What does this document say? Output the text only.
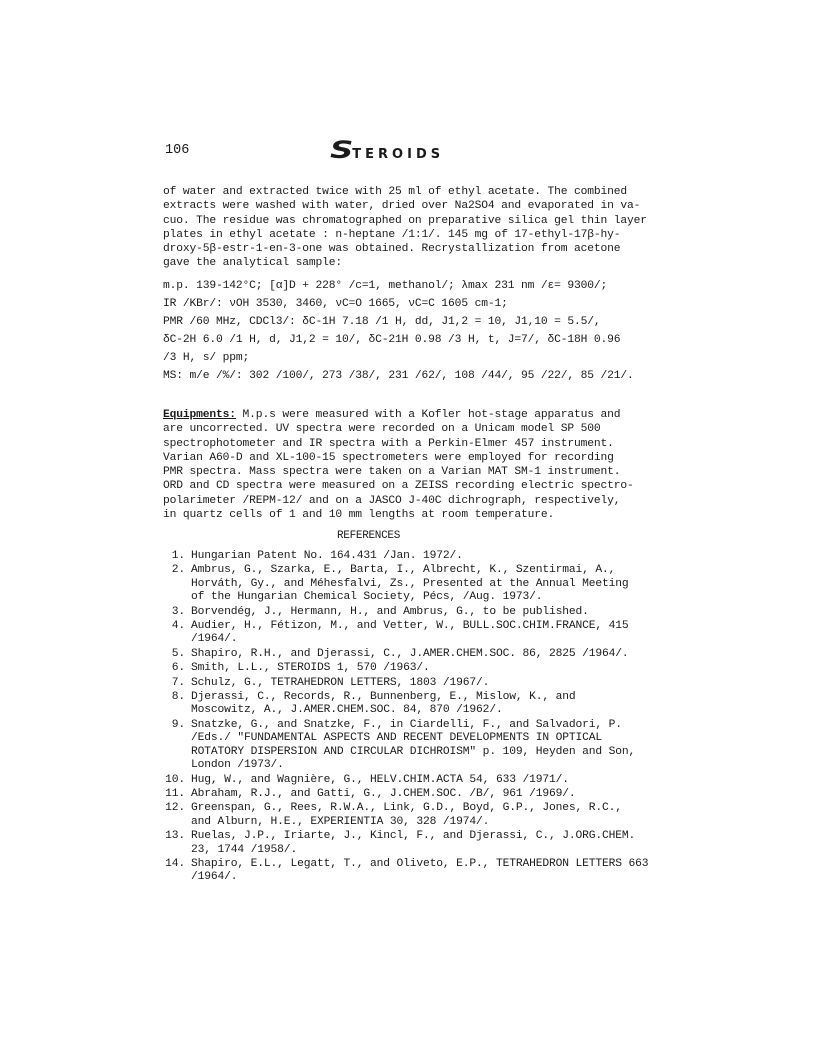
106	S
TEROIDS

of water and extracted twice with 25 ml of ethyl acetate. The combined

extracts were washed with water, dried over Na2SO4 and evaporated in va-

cuo. The residue was chromatographed on preparative silica gel thin layer

plates in ethyl acetate : n-heptane /1:1/. 145 mg of 17-ethyl-17β-hy-

droxy-5β-estr-1-en-3-one was obtained. Recrystallization from acetone

gave the analytical sample:

m.p. 139-142°C; [α]D + 228° /c=1, methanol/; λmax 231 nm /ε= 9300/;

IR /KBr/: νOH 3530, 3460, νC=O 1665, νC=C 1605 cm-1;

PMR /60 MHz, CDCl3/: δC-1H 7.18 /1 H, dd, J1,2 = 10, J1,10 = 5.5/,

δC-2H 6.0 /1 H, d, J1,2 = 10/, δC-21H 0.98 /3 H, t, J=7/, δC-18H 0.96

/3 H, s/ ppm;

MS: m/e /%/: 302 /100/, 273 /38/, 231 /62/, 108 /44/, 95 /22/, 85 /21/.

Equipments: M.p.s were measured with a Kofler hot-stage apparatus and

are uncorrected. UV spectra were recorded on a Unicam model SP 500

spectrophotometer and IR spectra with a Perkin-Elmer 457 instrument.

Varian A60-D and XL-100-15 spectrometers were employed for recording

PMR spectra. Mass spectra were taken on a Varian MAT SM-1 instrument.

ORD and CD spectra were measured on a ZEISS recording electric spectro-

polarimeter /REPM-12/ and on a JASCO J-40C dichrograph, respectively,

in quartz cells of 1 and 10 mm lengths at room temperature.

REFERENCES
1. Hungarian Patent No. 164.431 /Jan. 1972/.
2. Ambrus, G., Szarka, E., Barta, I., Albrecht, K., Szentirmai, A.,
Horváth, Gy., and Méhesfalvi, Zs., Presented at the Annual Meeting
of the Hungarian Chemical Society, Pécs, /Aug. 1973/.
3. Borvendég, J., Hermann, H., and Ambrus, G., to be published.
4. Audier, H., Fétizon, M., and Vetter, W., BULL.SOC.CHIM.FRANCE, 415
/1964/.
5. Shapiro, R.H., and Djerassi, C., J.AMER.CHEM.SOC. 86, 2825 /1964/.
6. Smith, L.L., STEROIDS 1, 570 /1963/.
7. Schulz, G., TETRAHEDRON LETTERS, 1803 /1967/.
8. Djerassi, C., Records, R., Bunnenberg, E., Mislow, K., and
Moscowitz, A., J.AMER.CHEM.SOC. 84, 870 /1962/.
9. Snatzke, G., and Snatzke, F., in Ciardelli, F., and Salvadori, P.
/Eds./ "FUNDAMENTAL ASPECTS AND RECENT DEVELOPMENTS IN OPTICAL
ROTATORY DISPERSION AND CIRCULAR DICHROISM" p. 109, Heyden and Son,
London /1973/.
10. Hug, W., and Wagnière, G., HELV.CHIM.ACTA 54, 633 /1971/.
11. Abraham, R.J., and Gatti, G., J.CHEM.SOC. /B/, 961 /1969/.
12. Greenspan, G., Rees, R.W.A., Link, G.D., Boyd, G.P., Jones, R.C.,
and Alburn, H.E., EXPERIENTIA 30, 328 /1974/.
13. Ruelas, J.P., Iriarte, J., Kincl, F., and Djerassi, C., J.ORG.CHEM.
23, 1744 /1958/.
14. Shapiro, E.L., Legatt, T., and Oliveto, E.P., TETRAHEDRON LETTERS 663
/1964/.
